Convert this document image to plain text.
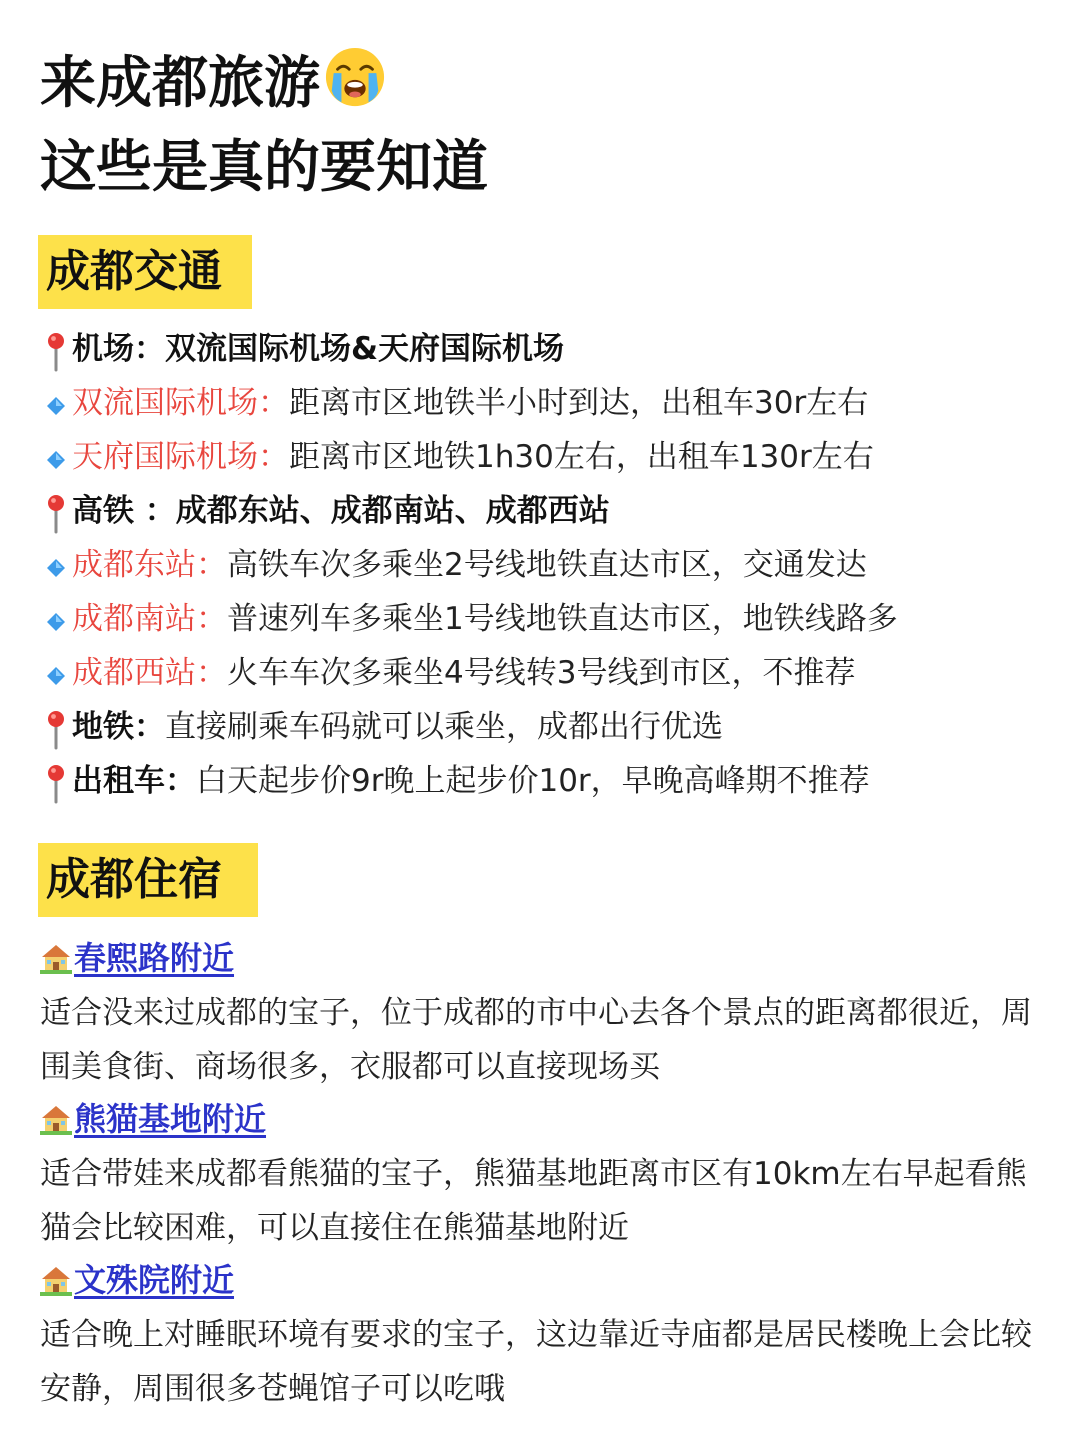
来成都旅游
这些是真的要知道
成都交通
机场：双流国际机场&天府国际机场
双流国际机场：距离市区地铁半小时到达，出租车30r左右
天府国际机场：距离市区地铁1h30左右，出租车130r左右
高铁 ：成都东站、成都南站、成都西站
成都东站：高铁车次多乘坐2号线地铁直达市区，交通发达
成都南站：普速列车多乘坐1号线地铁直达市区，地铁线路多
成都西站：火车车次多乘坐4号线转3号线到市区，不推荐
地铁：直接刷乘车码就可以乘坐，成都出行优选
出租车：白天起步价9r晚上起步价10r，早晚高峰期不推荐
成都住宿
春熙路附近

适合没来过成都的宝子，位于成都的市中心去各个景点的距离都很近，周围美食街、商场很多，衣服都可以直接现场买

熊猫基地附近

适合带娃来成都看熊猫的宝子，熊猫基地距离市区有10km左右早起看熊猫会比较困难，可以直接住在熊猫基地附近

文殊院附近

适合晚上对睡眠环境有要求的宝子，这边靠近寺庙都是居民楼晚上会比较安静，周围很多苍蝇馆子可以吃哦
